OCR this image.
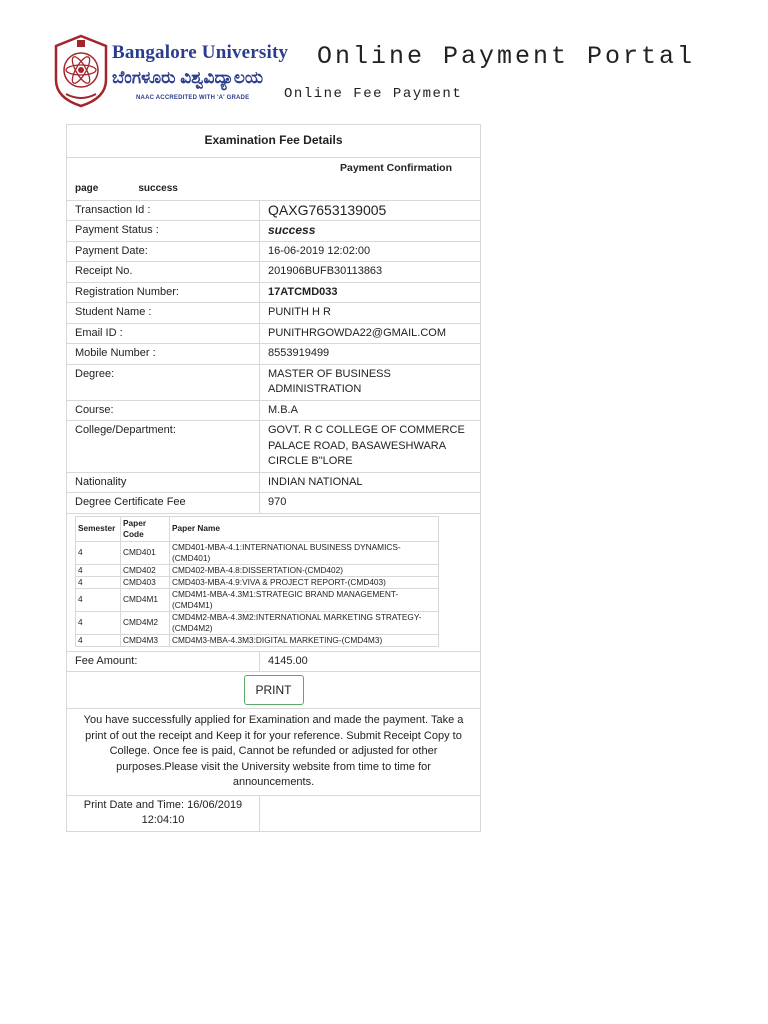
Bangalore University
ಬೆಂಗಳೂರು ವಿಶ್ವವಿದ್ಯಾಲಯ
NAAC ACCREDITED WITH 'A' GRADE
Online Payment Portal
Online Fee Payment
Examination Fee Details

Payment Confirmation
page	success

Transaction Id :	QAXG7653139005
Payment Status :	success
Payment Date:	16-06-2019 12:02:00
Receipt No.	201906BUFB30113863
Registration Number:	17ATCMD033
Student Name :	PUNITH H R
Email ID :	PUNITHRGOWDA22@GMAIL.COM
Mobile Number :	8553919499
Degree:	MASTER OF BUSINESS ADMINISTRATION
Course:	M.B.A
College/Department:	GOVT. R C COLLEGE OF COMMERCE PALACE ROAD, BASAWESHWARA CIRCLE B"LORE
Nationality	INDIAN NATIONAL
Degree Certificate Fee	970

Semester	Paper Code	Paper Name
4	CMD401	CMD401-MBA-4.1:INTERNATIONAL BUSINESS DYNAMICS-(CMD401)
4	CMD402	CMD402-MBA-4.8:DISSERTATION-(CMD402)
4	CMD403	CMD403-MBA-4.9:VIVA & PROJECT REPORT-(CMD403)
4	CMD4M1	CMD4M1-MBA-4.3M1:STRATEGIC BRAND MANAGEMENT-(CMD4M1)
4	CMD4M2	CMD4M2-MBA-4.3M2:INTERNATIONAL MARKETING STRATEGY-(CMD4M2)
4	CMD4M3	CMD4M3-MBA-4.3M3:DIGITAL MARKETING-(CMD4M3)

Fee Amount:	4145.00
PRINT
You have successfully applied for Examination and made the payment. Take a print of out the receipt and Keep it for your reference. Submit Receipt Copy to College. Once fee is paid, Cannot be refunded or adjusted for other purposes.Please visit the University website from time to time for announcements.
Print Date and Time: 16/06/2019 12:04:10	
